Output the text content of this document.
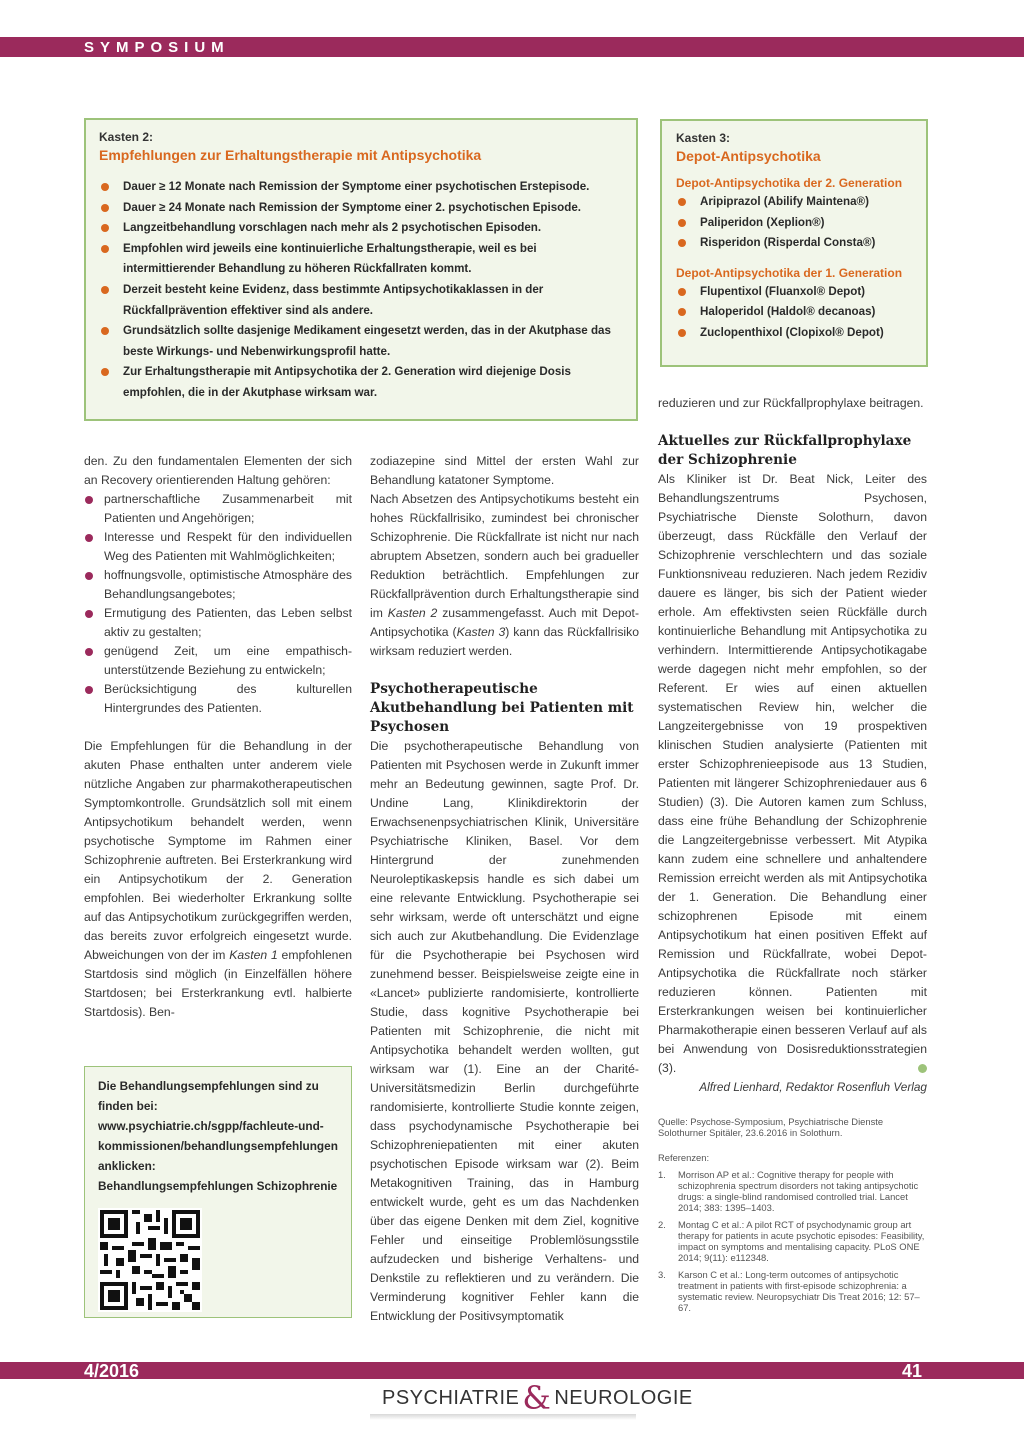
SYMPOSIUM
Kasten 2:
Empfehlungen zur Erhaltungstherapie mit Antipsychotika
Dauer ≥ 12 Monate nach Remission der Symptome einer psychotischen Erstepisode.
Dauer ≥ 24 Monate nach Remission der Symptome einer 2. psychotischen Episode.
Langzeitbehandlung vorschlagen nach mehr als 2 psychotischen Episoden.
Empfohlen wird jeweils eine kontinuierliche Erhaltungstherapie, weil es bei intermittierender Behandlung zu höheren Rückfallraten kommt.
Derzeit besteht keine Evidenz, dass bestimmte Antipsychotikaklassen in der Rückfallprävention effektiver sind als andere.
Grundsätzlich sollte dasjenige Medikament eingesetzt werden, das in der Akutphase das beste Wirkungs- und Nebenwirkungsprofil hatte.
Zur Erhaltungstherapie mit Antipsychotika der 2. Generation wird diejenige Dosis empfohlen, die in der Akutphase wirksam war.
Kasten 3:
Depot-Antipsychotika
Depot-Antipsychotika der 2. Generation
Aripiprazol (Abilify Maintena®)
Paliperidon (Xeplion®)
Risperidon (Risperdal Consta®)
Depot-Antipsychotika der 1. Generation
Flupentixol (Fluanxol® Depot)
Haloperidol (Haldol® decanoas)
Zuclopenthixol (Clopixol® Depot)

den. Zu den fundamentalen Elementen der sich an Recovery orientierenden Haltung gehören:

partnerschaftliche Zusammenarbeit mit Patienten und Angehörigen;
Interesse und Respekt für den individuellen Weg des Patienten mit Wahlmöglichkeiten;
hoffnungsvolle, optimistische Atmosphäre des Behandlungsangebotes;
Ermutigung des Patienten, das Leben selbst aktiv zu gestalten;
genügend Zeit, um eine empathisch-unterstützende Beziehung zu entwickeln;
Berücksichtigung des kulturellen Hintergrundes des Patienten.

Die Empfehlungen für die Behandlung in der akuten Phase enthalten unter anderem viele nützliche Angaben zur pharmakotherapeutischen Symptomkontrolle. Grundsätzlich soll mit einem Antipsychotikum behandelt werden, wenn psychotische Symptome im Rahmen einer Schizophrenie auftreten. Bei Ersterkrankung wird ein Antipsychotikum der 2. Generation empfohlen. Bei wiederholter Erkrankung sollte auf das Antipsychotikum zurückgegriffen werden, das bereits zuvor erfolgreich eingesetzt wurde. Abweichungen von der im Kasten 1 empfohlenen Startdosis sind möglich (in Einzelfällen höhere Startdosen; bei Ersterkrankung evtl. halbierte Startdosis). Ben-

Die Behandlungsempfehlungen sind zu finden bei:

www.psychiatrie.ch/sgpp/fachleute-und-kommissionen/behandlungsempfehlungen

anklicken:

Behandlungsempfehlungen Schizophrenie

zodiazepine sind Mittel der ersten Wahl zur Behandlung katatoner Symptome.

Nach Absetzen des Antipsychotikums besteht ein hohes Rückfallrisiko, zumindest bei chronischer Schizophrenie. Die Rückfallrate ist nicht nur nach abruptem Absetzen, sondern auch bei gradueller Reduktion beträchtlich. Empfehlungen zur Rückfallprävention durch Erhaltungstherapie sind im Kasten 2 zusammengefasst. Auch mit Depot-Antipsychotika (Kasten 3) kann das Rückfallrisiko wirksam reduziert werden.

Psychotherapeutische Akutbehandlung bei Patienten mit Psychosen

Die psychotherapeutische Behandlung von Patienten mit Psychosen werde in Zukunft immer mehr an Bedeutung gewinnen, sagte Prof. Dr. Undine Lang, Klinikdirektorin der Erwachsenenpsychiatrischen Klinik, Universitäre Psychiatrische Kliniken, Basel. Vor dem Hintergrund der zunehmenden Neuroleptikaskepsis handle es sich dabei um eine relevante Entwicklung. Psychotherapie sei sehr wirksam, werde oft unterschätzt und eigne sich auch zur Akutbehandlung. Die Evidenzlage für die Psychotherapie bei Psychosen wird zunehmend besser. Beispielsweise zeigte eine in «Lancet» publizierte randomisierte, kontrollierte Studie, dass kognitive Psychotherapie bei Patienten mit Schizophrenie, die nicht mit Antipsychotika behandelt werden wollten, gut wirksam war (1). Eine an der Charité-Universitätsmedizin Berlin durchgeführte randomisierte, kontrollierte Studie konnte zeigen, dass psychodynamische Psychotherapie bei Schizophreniepatienten mit einer akuten psychotischen Episode wirksam war (2). Beim Metakognitiven Training, das in Hamburg entwickelt wurde, geht es um das Nachdenken über das eigene Denken mit dem Ziel, kognitive Fehler und einseitige Problemlösungsstile aufzudecken und bisherige Verhaltens- und Denkstile zu reflektieren und zu verändern. Die Verminderung kognitiver Fehler kann die Entwicklung der Positivsymptomatik

reduzieren und zur Rückfallprophylaxe beitragen.

Aktuelles zur Rückfallprophylaxe der Schizophrenie

Als Kliniker ist Dr. Beat Nick, Leiter des Behandlungszentrums Psychosen, Psychiatrische Dienste Solothurn, davon überzeugt, dass Rückfälle den Verlauf der Schizophrenie verschlechtern und das soziale Funktionsniveau reduzieren. Nach jedem Rezidiv dauere es länger, bis sich der Patient wieder erhole. Am effektivsten seien Rückfälle durch kontinuierliche Behandlung mit Antipsychotika zu verhindern. Intermittierende Antipsychotikagabe werde dagegen nicht mehr empfohlen, so der Referent. Er wies auf einen aktuellen systematischen Review hin, welcher die Langzeitergebnisse von 19 prospektiven klinischen Studien analysierte (Patienten mit erster Schizophrenieepisode aus 13 Studien, Patienten mit längerer Schizophreniedauer aus 6 Studien) (3). Die Autoren kamen zum Schluss, dass eine frühe Behandlung der Schizophrenie die Langzeitergebnisse verbessert. Mit Atypika kann zudem eine schnellere und anhaltendere Remission erreicht werden als mit Antipsychotika der 1. Generation. Die Behandlung einer schizophrenen Episode mit einem Antipsychotikum hat einen positiven Effekt auf Remission und Rückfallrate, wobei Depot-Antipsychotika die Rückfallrate noch stärker reduzieren können. Patienten mit Ersterkrankungen weisen bei kontinuierlicher Pharmakotherapie einen besseren Verlauf auf als bei Anwendung von Dosisreduktionsstrategien (3).

Alfred Lienhard, Redaktor Rosenfluh Verlag

Quelle: Psychose-Symposium, Psychiatrische Dienste Solothurner Spitäler, 23.6.2016 in Solothurn.

Referenzen:

1. Morrison AP et al.: Cognitive therapy for people with schizophrenia spectrum disorders not taking antipsychotic drugs: a single-blind randomised controlled trial. Lancet 2014; 383: 1395–1403.
2. Montag C et al.: A pilot RCT of psychodynamic group art therapy for patients in acute psychotic episodes: Feasibility, impact on symptoms and mentalising capacity. PLoS ONE 2014; 9(11): e112348.
3. Karson C et al.: Long-term outcomes of antipsychotic treatment in patients with first-episode schizophrenia: a systematic review. Neuropsychiatr Dis Treat 2016; 12: 57–67.
4/2016	41
PSYCHIATRIE & NEUROLOGIE
